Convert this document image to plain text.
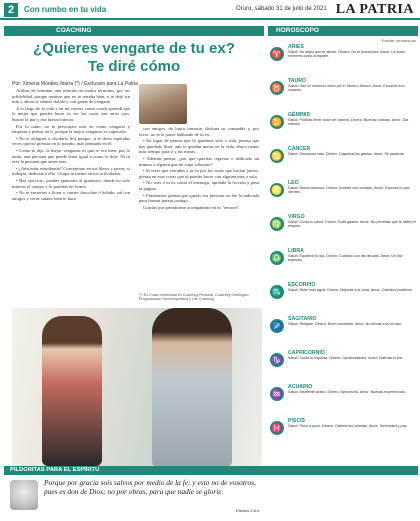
2	Con rumbo en tu vida	Oruro, sábado 31 de julio de 2021 LA PATRIA
COACHING
¿Quieres vengarte de tu ex?
Te diré cómo
Por: Ximena Morales Ibarra (*) / Exclusivo para La Patria

Acabas de terminar una relación en malos términos, por ser infidelidad, porque sentiste que no te trataba bien, o te dejó sin más y ahora te sientes dolida y con ganas de vengarte.

A lo largo de la vida y en mi carrera como coach aprendí que lo mejor que puedes hacer es ver las cosas con otros ojos, buscar la paz y esa fuerza interior.

Por lo tanto, no te preocupes más en cómo vengarte y empieza a pensar en ti, porque la mejor venganza es superarlo.

• No te obligues a olvidarlo (lo) porque, si te dices repetidas veces que no piensas en tu pasado, más pensarás en él.

• Como te dije, la mejor venganza es que te vea bien, por lo tanto, una persona que puede tener igual a como lo deje. Ni tú eres la persona que antes eras.

• ¿Aún estás estudiando? Concéntrate en tus libros y tareas, si trabajas, dedícate a ello. Ocupa tu mente en tus actividades.

• Has ejercicio, puedes apuntarte al gimnasio, donde no solo mueves el cuerpo y lo pondrás en forma.

• No te encierres a llorar o comer chocolate o helado, sal con amigos y verás cuánto bien te hace.

con amigos, ríe hasta cansarte, disfruta su compañía y, por favor, no te la pases hablando de tu ex.

• En lugar de pensar que lo quedaste solo o sola, piensa que has quedado libre, aún te quedan metas en la vida, ahora tienes más tiempo para ti y tus metas.

• Además piensa, ¿por qué querrías regresar o dedicarle un minuto a alguien que no supo valorarte?

• Si crees que extrañas a tu ex por las cosas que hacían juntos, piensa en esas cosas que tú puedes hacer con alguien más o sola.

• No veas a tu ex como el enemigo, aprende la lección y pasa la página.

• Finalmente piensa que quizás esa persona no fue la indicada para formar pareja contigo.

Gracias por permitirme acompañarte en tu "renacer".

(*) Es Coach certificada en Coaching Personal, Coaching Ontológico, Programación Neurolingüística y Life Coaching.
HOROSCOPO
Fuente: semana.es
♈
ARIES
Salud: No dejes que te afecte. Dinero: No te preocupes. Amor: Un buen momento para compartir.
♉
TAURO
Salud: Haz un esfuerzo extra por ti. Dinero: Ahorra. Amor: Escucha a tu corazón.
♊
GÉMINIS
Salud: Podrías tener dolor de cabeza. Dinero: Buenas noticias. Amor: Día intenso.
♋
CÁNCER
Salud: Descansa más. Dinero: Organiza tus gastos. Amor: Sé paciente.
♌
LEO
Salud: Busca armonía. Dinero: Invierte con cuidado. Amor: Expresa lo que sientes.
♍
VIRGO
Salud: Cuida tu salud. Dinero: Evita gastos. Amor: No permitas que te falten el respeto.
♎
LIBRA
Salud: Equilibra tu día. Dinero: Cuidado con las deudas. Amor: Un día especial.
♏
ESCORPIO
Salud: Bebe más agua. Dinero: Mejoras a la vista. Amor: Cambios positivos.
♐
SAGITARIO
Salud: Relájate. Dinero: Buen momento. Amor: No temas a la verdad.
♑
CAPRICORNIO
Salud: Cuida tu espalda. Dinero: Oportunidades. Amor: Disfruta el día.
♒
ACUARIO
Salud: Mantente activo. Dinero: Aprovecha. Amor: Nuevas experiencias.
♓
PISCIS
Salud: Poco a poco. Dinero: Ordena tus cuentas. Amor: Serenidad y paz.
PILDORITAS PARA EL ESPÍRITU
Porque por gracia sois salvos por medio de la fe; y esto no de vosotros, pues es don de Dios; no por obras, para que nadie se glorie.
Efesios 2:8-9
